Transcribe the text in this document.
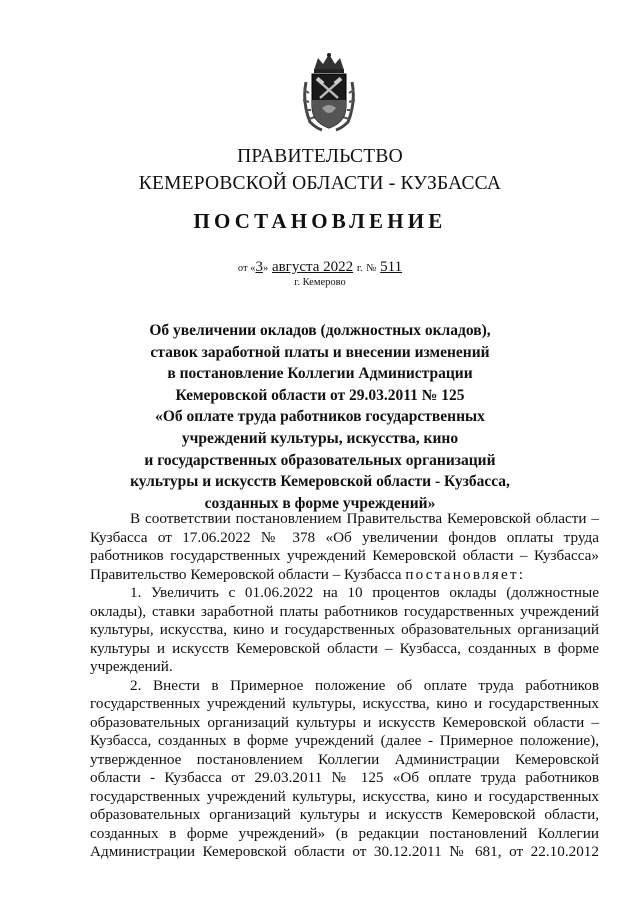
ПРАВИТЕЛЬСТВО
КЕМЕРОВСКОЙ ОБЛАСТИ - КУЗБАССА
ПОСТАНОВЛЕНИЕ
от «3» августа 2022 г. № 511
г. Кемерово
Об увеличении окладов (должностных окладов),
ставок заработной платы и внесении изменений
в постановление Коллегии Администрации
Кемеровской области от 29.03.2011 № 125
«Об оплате труда работников государственных
учреждений культуры, искусства, кино
и государственных образовательных организаций
культуры и искусств Кемеровской области - Кузбасса,
созданных в форме учреждений»
В соответствии постановлением Правительства Кемеровской области –
Кузбасса от 17.06.2022 № 378 «Об увеличении фондов оплаты труда
работников государственных учреждений Кемеровской области – Кузбасса»
Правительство Кемеровской области – Кузбасса постановляет:
1. Увеличить с 01.06.2022 на 10 процентов оклады (должностные
оклады), ставки заработной платы работников государственных учреждений
культуры, искусства, кино и государственных образовательных организаций
культуры и искусств Кемеровской области – Кузбасса, созданных в форме
учреждений.
2. Внести в Примерное положение об оплате труда работников
государственных учреждений культуры, искусства, кино и государственных
образовательных организаций культуры и искусств Кемеровской области –
Кузбасса, созданных в форме учреждений (далее - Примерное положение),
утвержденное постановлением Коллегии Администрации Кемеровской
области - Кузбасса от 29.03.2011 № 125 «Об оплате труда работников
государственных учреждений культуры, искусства, кино и государственных
образовательных организаций культуры и искусств Кемеровской области,
созданных в форме учреждений» (в редакции постановлений Коллегии
Администрации Кемеровской области от 30.12.2011 № 681, от 22.10.2012
